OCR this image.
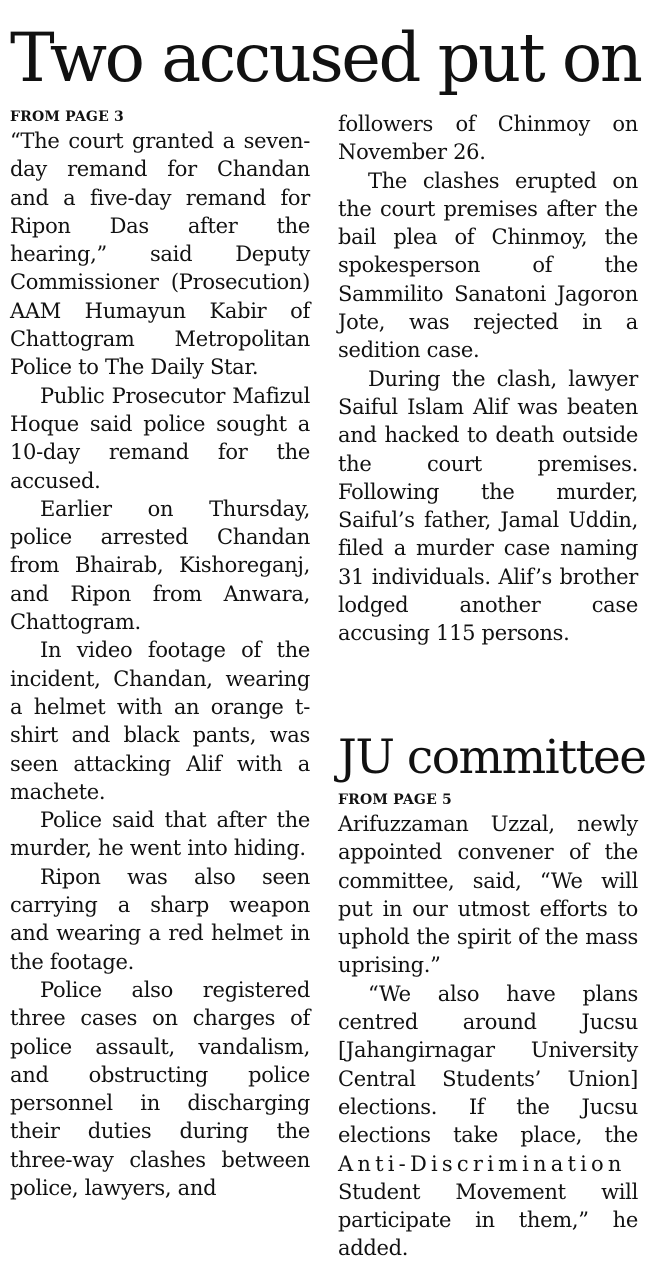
Two accused put on

FROM PAGE 3

“The court granted a seven-day remand for Chandan and a five-day remand for Ripon Das after the hearing,” said Deputy Commissioner (Prosecution) AAM Humayun Kabir of Chattogram Metropolitan Police to The Daily Star.

Public Prosecutor Mafizul Hoque said police sought a 10-day remand for the accused.

Earlier on Thursday, police arrested Chandan from Bhairab, Kishoreganj, and Ripon from Anwara, Chattogram.

In video footage of the incident, Chandan, wearing a helmet with an orange t-shirt and black pants, was seen attacking Alif with a machete.

Police said that after the murder, he went into hiding.

Ripon was also seen carrying a sharp weapon and wearing a red helmet in the footage.

Police also registered three cases on charges of police assault, vandalism, and obstructing police personnel in discharging their duties during the three-way clashes between police, lawyers, and

followers of Chinmoy on November 26.

The clashes erupted on the court premises after the bail plea of Chinmoy, the spokesperson of the Sammilito Sanatoni Jagoron Jote, was rejected in a sedition case.

During the clash, lawyer Saiful Islam Alif was beaten and hacked to death outside the court premises. Following the murder, Saiful’s father, Jamal Uddin, filed a murder case naming 31 individuals. Alif’s brother lodged another case accusing 115 persons.

JU committee

FROM PAGE 5

Arifuzzaman Uzzal, newly appointed convener of the committee, said, “We will put in our utmost efforts to uphold the spirit of the mass uprising.”

“We also have plans centred around Jucsu [Jahangirnagar University Central Students’ Union] elections. If the Jucsu elections take place, the Anti-Discrimination Student Movement will participate in them,” he added.
